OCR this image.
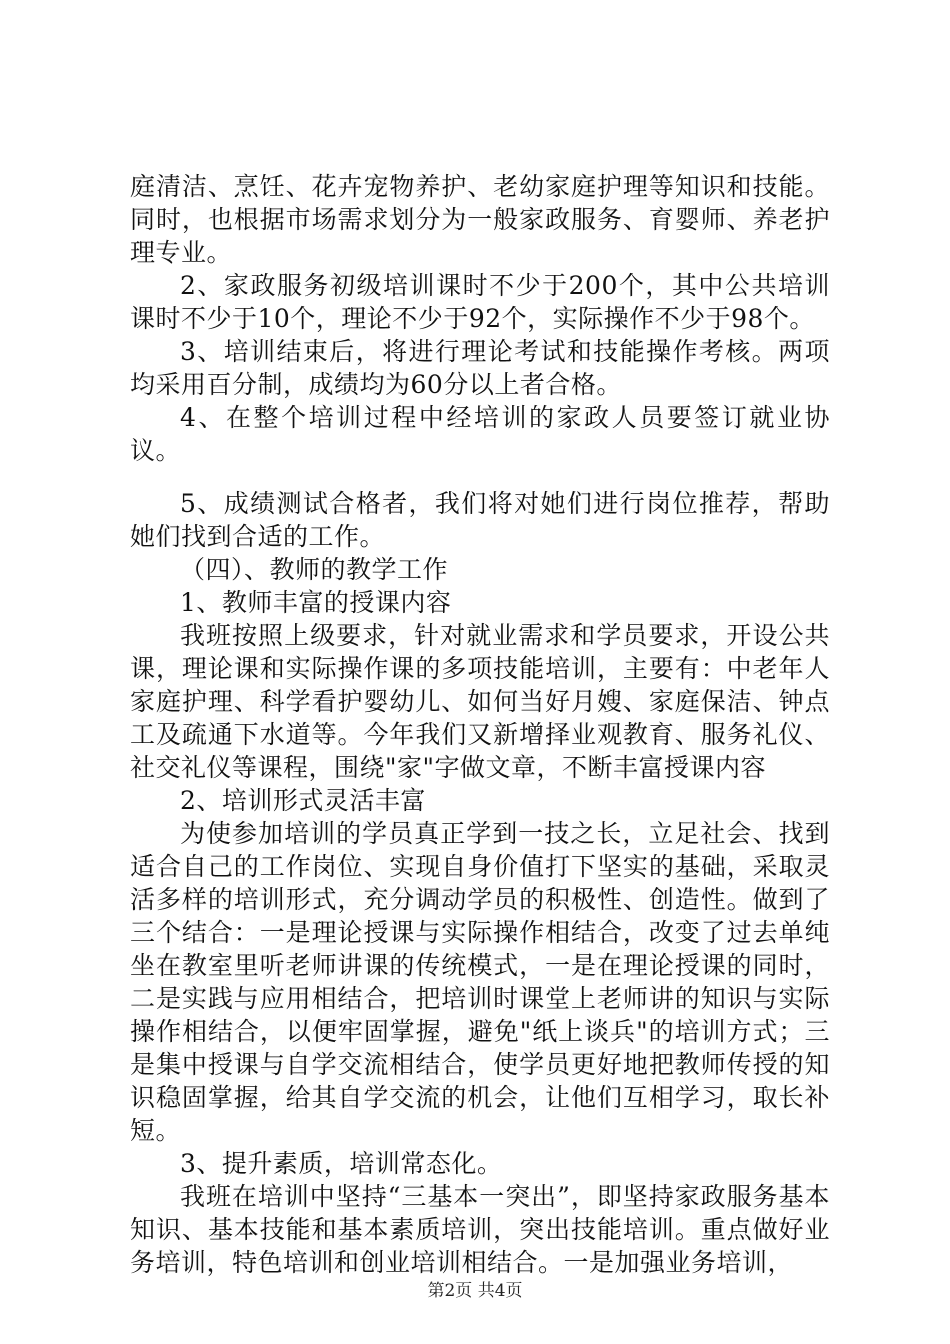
庭清洁、烹饪、花卉宠物养护、老幼家庭护理等知识和技能。同时，也根据市场需求划分为一般家政服务、育婴师、养老护理专业。

2、家政服务初级培训课时不少于200个，其中公共培训课时不少于10个，理论不少于92个，实际操作不少于98个。

3、培训结束后，将进行理论考试和技能操作考核。两项均采用百分制，成绩均为60分以上者合格。

4、在整个培训过程中经培训的家政人员要签订就业协议。

5、成绩测试合格者，我们将对她们进行岗位推荐，帮助她们找到合适的工作。

（四）、教师的教学工作

1、教师丰富的授课内容

我班按照上级要求，针对就业需求和学员要求，开设公共课，理论课和实际操作课的多项技能培训，主要有：中老年人家庭护理、科学看护婴幼儿、如何当好月嫂、家庭保洁、钟点工及疏通下水道等。今年我们又新增择业观教育、服务礼仪、社交礼仪等课程，围绕"家"字做文章，不断丰富授课内容

2、培训形式灵活丰富

为使参加培训的学员真正学到一技之长，立足社会、找到适合自己的工作岗位、实现自身价值打下坚实的基础，采取灵活多样的培训形式，充分调动学员的积极性、创造性。做到了三个结合：一是理论授课与实际操作相结合，改变了过去单纯坐在教室里听老师讲课的传统模式，一是在理论授课的同时，二是实践与应用相结合，把培训时课堂上老师讲的知识与实际操作相结合，以便牢固掌握，避免"纸上谈兵"的培训方式；三是集中授课与自学交流相结合，使学员更好地把教师传授的知识稳固掌握，给其自学交流的机会，让他们互相学习，取长补短。

3、提升素质，培训常态化。

我班在培训中坚持“三基本一突出”，即坚持家政服务基本知识、基本技能和基本素质培训，突出技能培训。重点做好业务培训，特色培训和创业培训相结合。一是加强业务培训，

第2页 共4页
